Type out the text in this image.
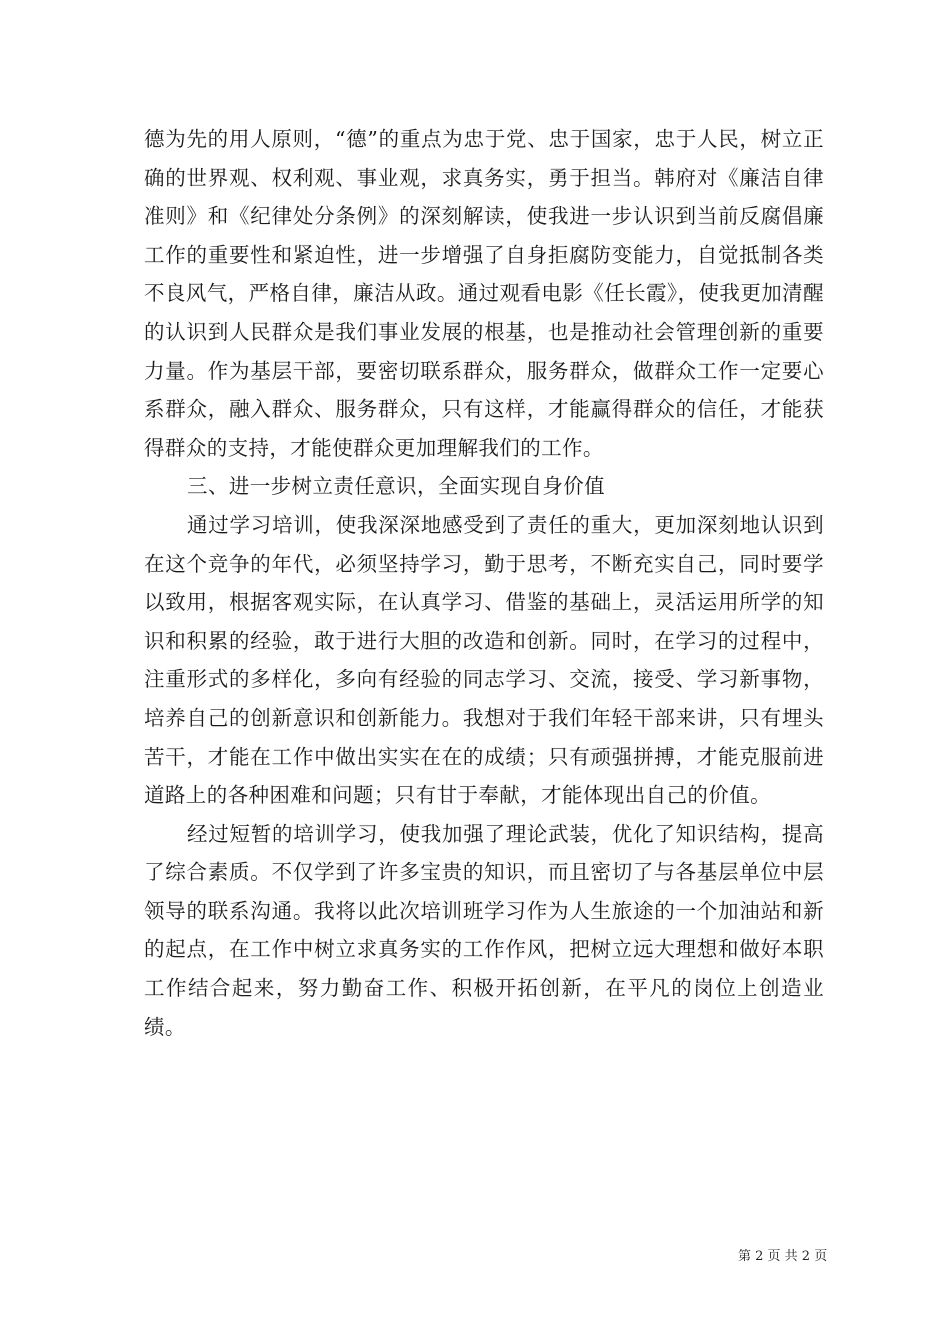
德为先的用人原则，“德”的重点为忠于党、忠于国家，忠于人民，树立正确的世界观、权利观、事业观，求真务实，勇于担当。韩府对《廉洁自律准则》和《纪律处分条例》的深刻解读，使我进一步认识到当前反腐倡廉工作的重要性和紧迫性，进一步增强了自身拒腐防变能力，自觉抵制各类不良风气，严格自律，廉洁从政。通过观看电影《任长霞》，使我更加清醒的认识到人民群众是我们事业发展的根基，也是推动社会管理创新的重要力量。作为基层干部，要密切联系群众，服务群众，做群众工作一定要心系群众，融入群众、服务群众，只有这样，才能赢得群众的信任，才能获得群众的支持，才能使群众更加理解我们的工作。

三、进一步树立责任意识，全面实现自身价值

通过学习培训，使我深深地感受到了责任的重大，更加深刻地认识到在这个竞争的年代，必须坚持学习，勤于思考，不断充实自己，同时要学以致用，根据客观实际，在认真学习、借鉴的基础上，灵活运用所学的知识和积累的经验，敢于进行大胆的改造和创新。同时，在学习的过程中，注重形式的多样化，多向有经验的同志学习、交流，接受、学习新事物，培养自己的创新意识和创新能力。我想对于我们年轻干部来讲，只有埋头苦干，才能在工作中做出实实在在的成绩；只有顽强拼搏，才能克服前进道路上的各种困难和问题；只有甘于奉献，才能体现出自己的价值。

经过短暂的培训学习，使我加强了理论武装，优化了知识结构，提高了综合素质。不仅学到了许多宝贵的知识，而且密切了与各基层单位中层领导的联系沟通。我将以此次培训班学习作为人生旅途的一个加油站和新的起点，在工作中树立求真务实的工作作风，把树立远大理想和做好本职工作结合起来，努力勤奋工作、积极开拓创新，在平凡的岗位上创造业绩。

第 2 页 共 2 页
